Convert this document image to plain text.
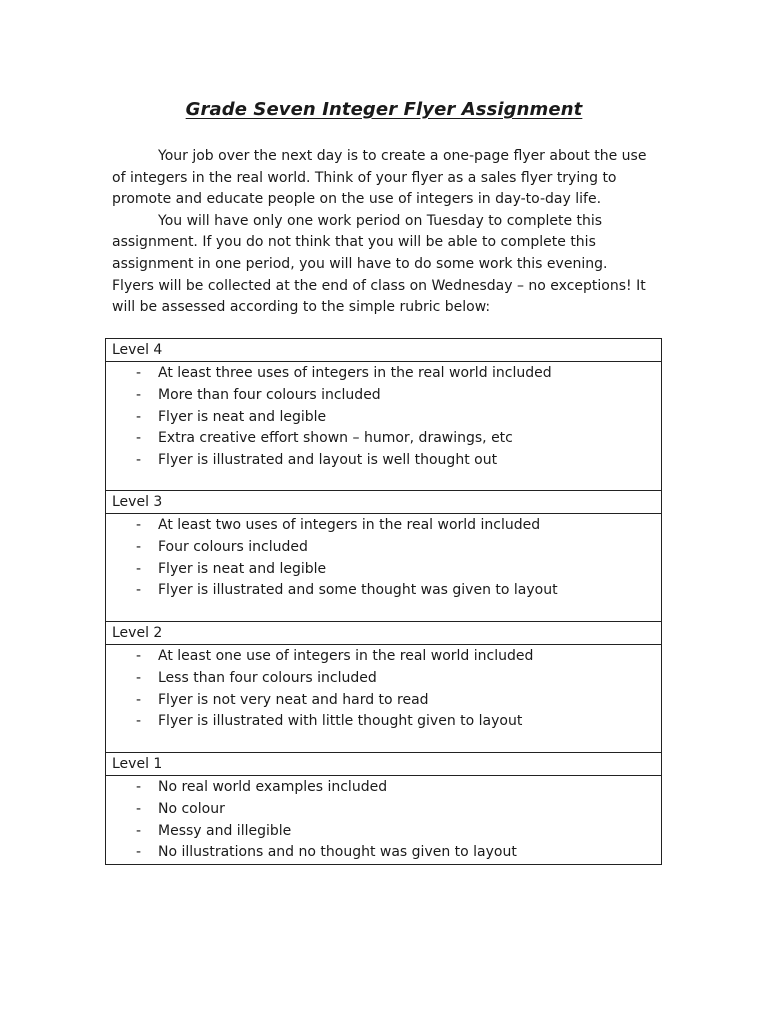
Grade Seven Integer Flyer Assignment

Your job over the next day is to create a one-page flyer about the use of integers in the real world. Think of your flyer as a sales flyer trying to promote and educate people on the use of integers in day-to-day life.

You will have only one work period on Tuesday to complete this assignment. If you do not think that you will be able to complete this assignment in one period, you will have to do some work this evening. Flyers will be collected at the end of class on Wednesday – no exceptions! It will be assessed according to the simple rubric below:

Level 4

- At least three uses of integers in the real world included
- More than four colours included
- Flyer is neat and legible
- Extra creative effort shown – humor, drawings, etc
- Flyer is illustrated and layout is well thought out

Level 3

- At least two uses of integers in the real world included
- Four colours included
- Flyer is neat and legible
- Flyer is illustrated and some thought was given to layout

Level 2

- At least one use of integers in the real world included
- Less than four colours included
- Flyer is not very neat and hard to read
- Flyer is illustrated with little thought given to layout

Level 1

- No real world examples included
- No colour
- Messy and illegible
- No illustrations and no thought was given to layout
